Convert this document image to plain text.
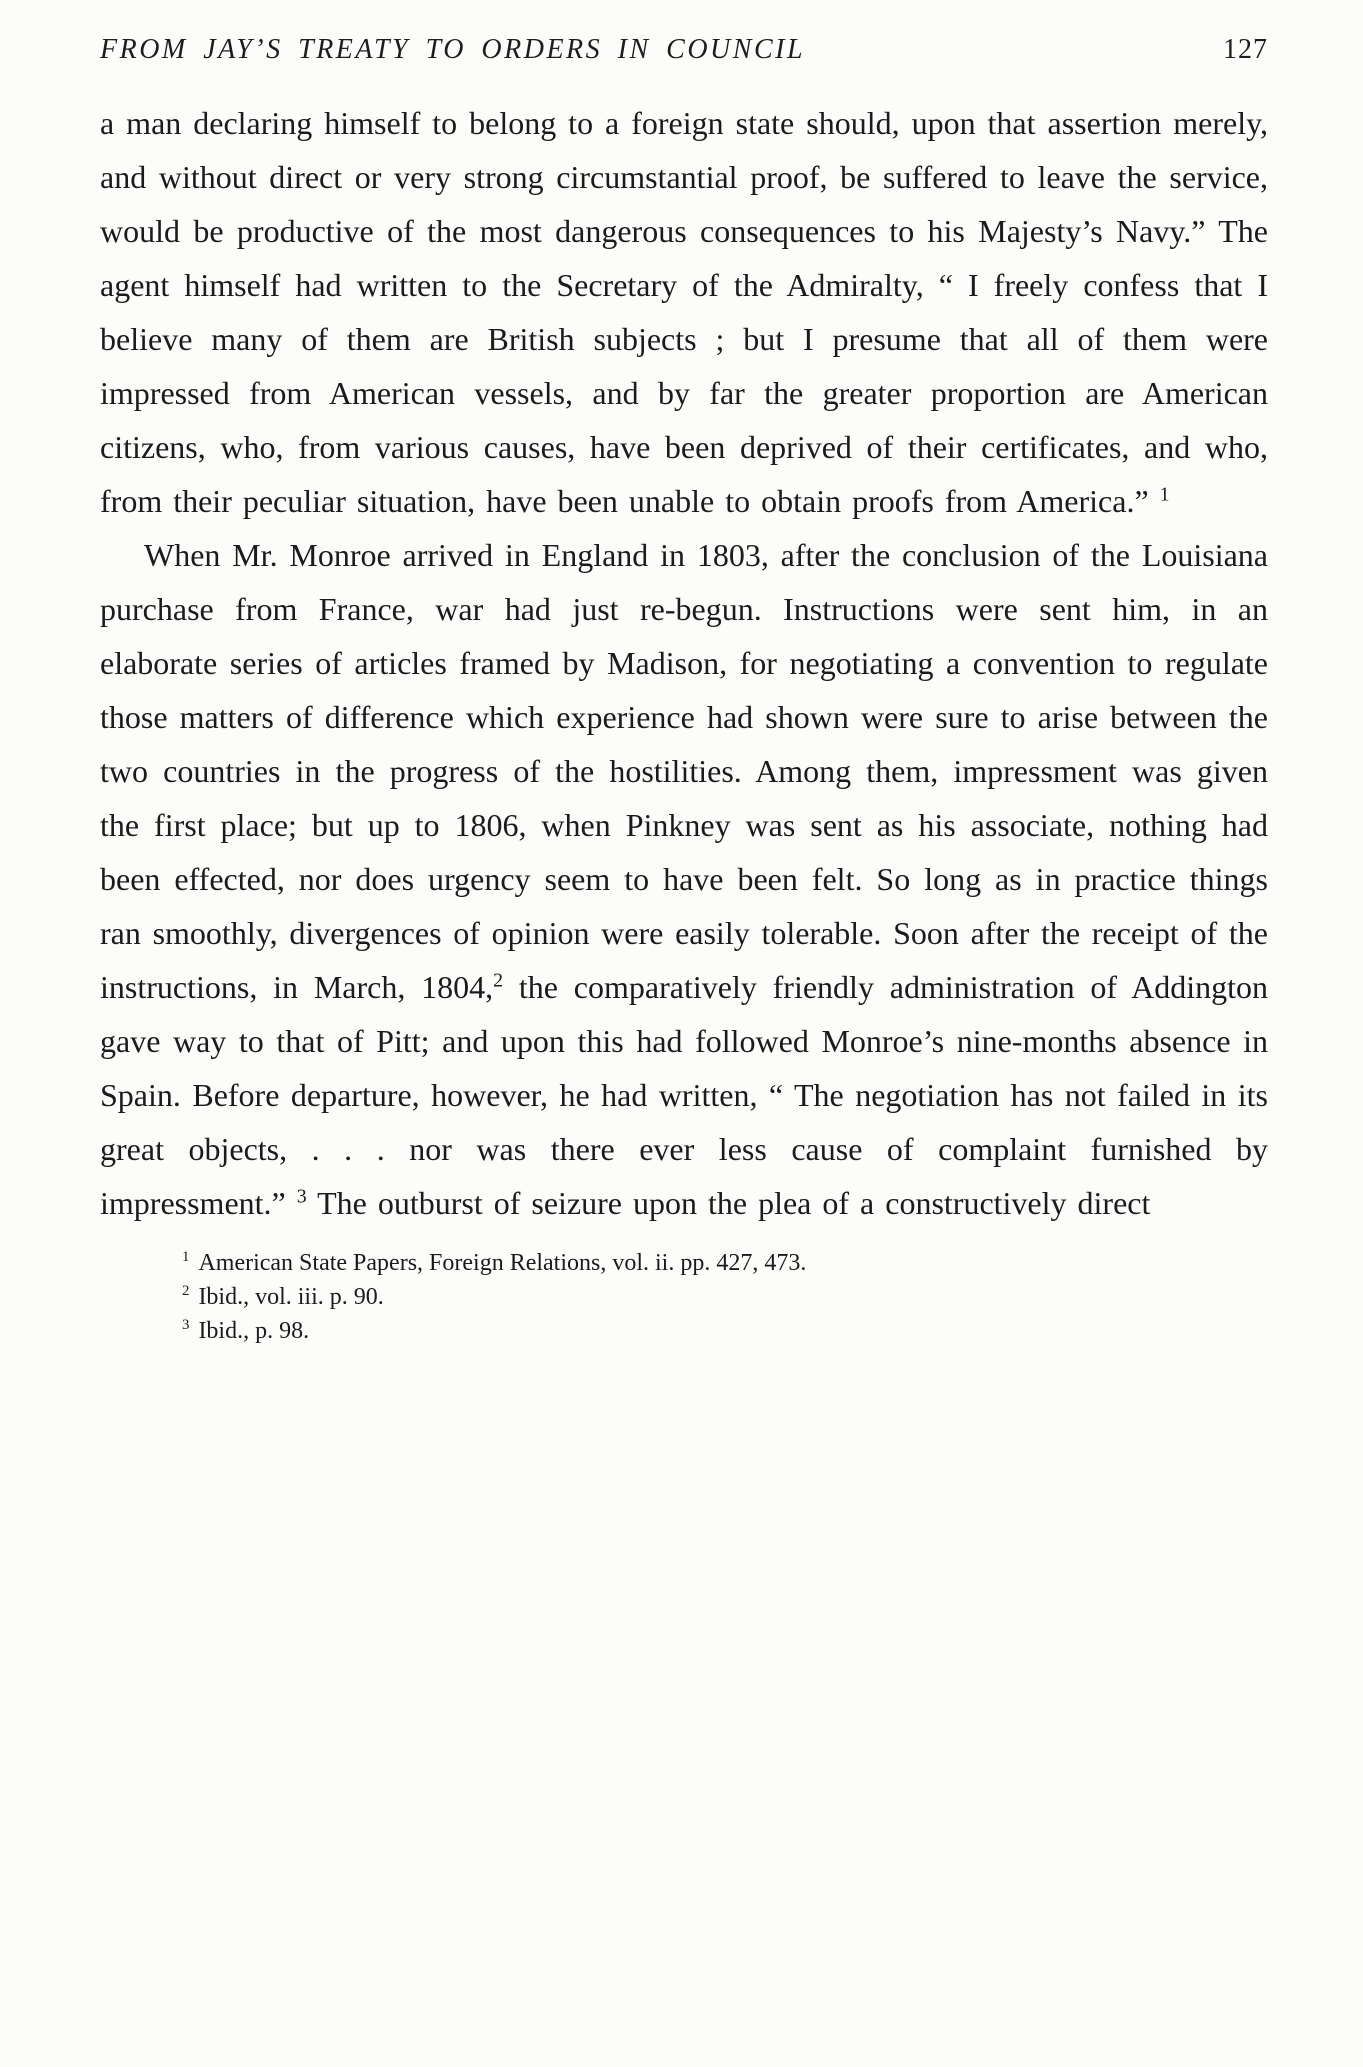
FROM JAY’S TREATY TO ORDERS IN COUNCIL	127

a man declaring himself to belong to a foreign state should, upon that assertion merely, and without direct or very strong circumstantial proof, be suffered to leave the service, would be productive of the most dangerous consequences to his Majesty’s Navy.” The agent himself had written to the Secretary of the Admiralty, “ I freely confess that I believe many of them are British subjects ; but I presume that all of them were impressed from American vessels, and by far the greater proportion are American citizens, who, from various causes, have been deprived of their certificates, and who, from their peculiar situation, have been unable to obtain proofs from America.” $^1$

When Mr. Monroe arrived in England in 1803, after the conclusion of the Louisiana purchase from France, war had just re-begun. Instructions were sent him, in an elaborate series of articles framed by Madison, for negotiating a convention to regulate those matters of difference which experience had shown were sure to arise between the two countries in the progress of the hostilities. Among them, impressment was given the first place; but up to 1806, when Pinkney was sent as his associate, nothing had been effected, nor does urgency seem to have been felt. So long as in practice things ran smoothly, divergences of opinion were easily tolerable. Soon after the receipt of the instructions, in March, 1804,$^2$ the comparatively friendly administration of Addington gave way to that of Pitt; and upon this had followed Monroe’s nine-months absence in Spain. Before departure, however, he had written, “ The negotiation has not failed in its great objects, . . . nor was there ever less cause of complaint furnished by impressment.” $^3$ The outburst of seizure upon the plea of a constructively direct

$^1$ American State Papers, Foreign Relations, vol. ii. pp. 427, 473.
$^2$ Ibid., vol. iii. p. 90.
$^3$ Ibid., p. 98.
